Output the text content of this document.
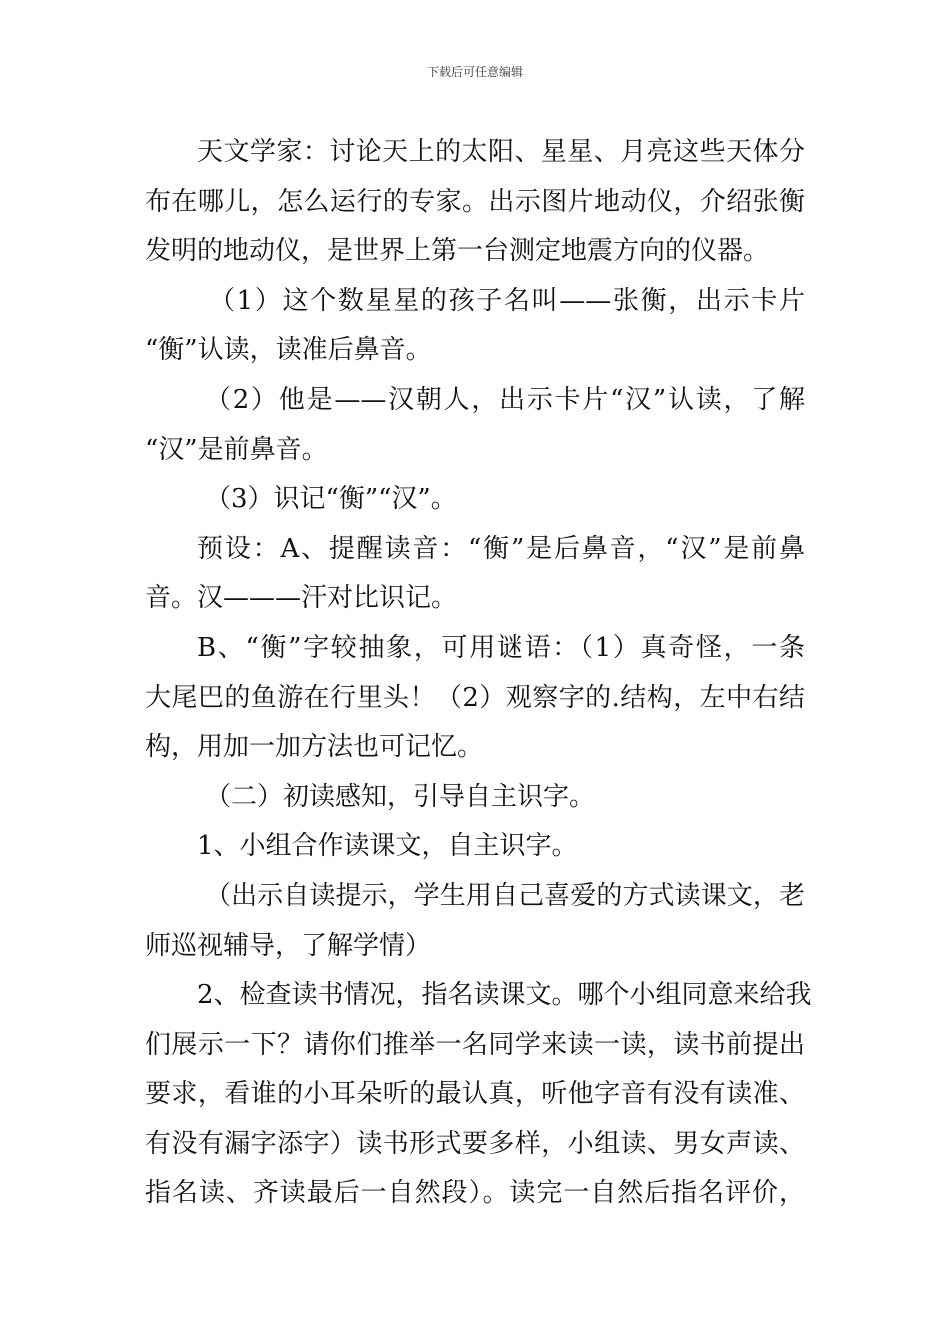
下载后可任意编辑
天文学家：讨论天上的太阳、星星、月亮这些天体分
布在哪儿，怎么运行的专家。出示图片地动仪，介绍张衡
发明的地动仪，是世界上第一台测定地震方向的仪器。
（1）这个数星星的孩子名叫——张衡，出示卡片
“衡”认读，读准后鼻音。
（2）他是——汉朝人，出示卡片“汉”认读，了解
“汉”是前鼻音。
（3）识记“衡”“汉”。
预设：A、提醒读音：“衡”是后鼻音，“汉”是前鼻
音。汉———汗对比识记。
B、“衡”字较抽象，可用谜语：（1）真奇怪，一条
大尾巴的鱼游在行里头！（2）观察字的.结构，左中右结
构，用加一加方法也可记忆。
（二）初读感知，引导自主识字。
1、小组合作读课文，自主识字。
（出示自读提示，学生用自己喜爱的方式读课文，老
师巡视辅导，了解学情）
2、检查读书情况，指名读课文。哪个小组同意来给我
们展示一下？请你们推举一名同学来读一读，读书前提出
要求，看谁的小耳朵听的最认真，听他字音有没有读准、
有没有漏字添字）读书形式要多样，小组读、男女声读、
指名读、齐读最后一自然段）。读完一自然后指名评价，
